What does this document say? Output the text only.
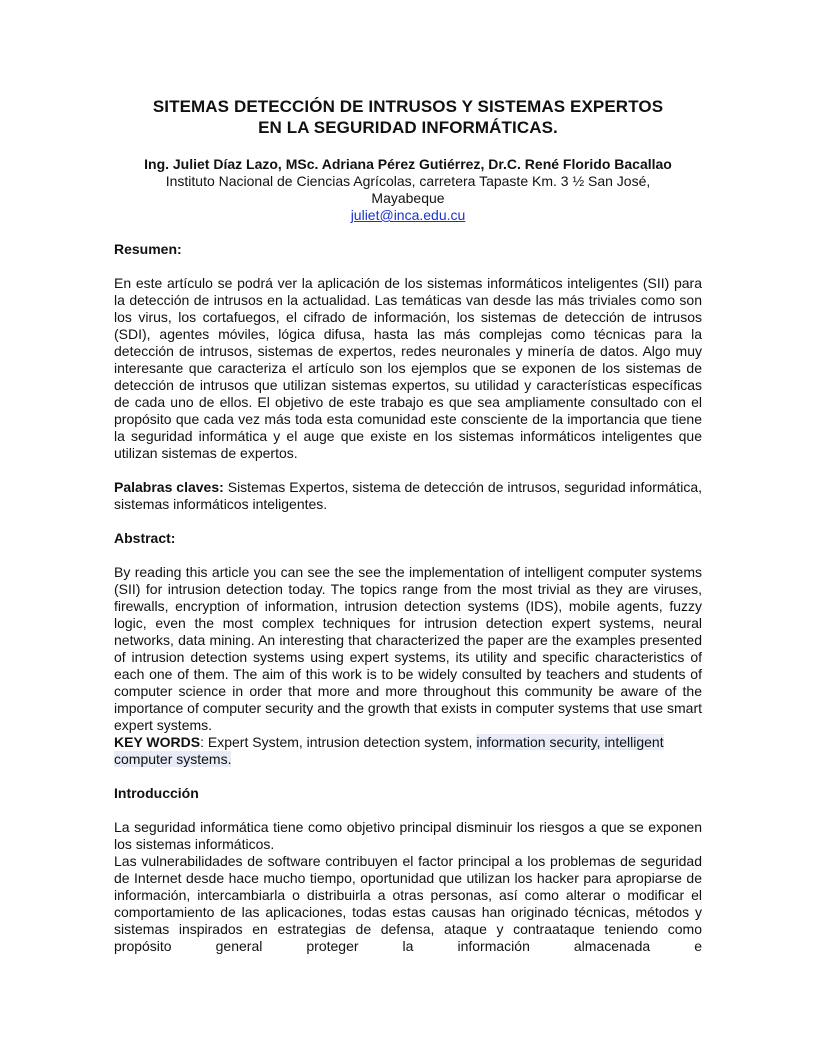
SITEMAS DETECCIÓN DE INTRUSOS Y SISTEMAS EXPERTOS
EN LA SEGURIDAD INFORMÁTICAS.

Ing. Juliet Díaz Lazo, MSc. Adriana Pérez Gutiérrez, Dr.C. René Florido Bacallao

Instituto Nacional de Ciencias Agrícolas, carretera Tapaste Km. 3 ½ San José,
Mayabeque

juliet@inca.edu.cu

Resumen:

En este artículo se podrá ver la aplicación de los sistemas informáticos inteligentes (SII) para la detección de intrusos en la actualidad. Las temáticas van desde las más triviales como son los virus, los cortafuegos, el cifrado de información, los sistemas de detección de intrusos (SDI), agentes móviles, lógica difusa, hasta las más complejas como técnicas para la detección de intrusos, sistemas de expertos, redes neuronales y minería de datos. Algo muy interesante que caracteriza el artículo son los ejemplos que se exponen de los sistemas de detección de intrusos que utilizan sistemas expertos, su utilidad y características específicas de cada uno de ellos. El objetivo de este trabajo es que sea ampliamente consultado con el propósito que cada vez más toda esta comunidad este consciente de la importancia que tiene la seguridad informática y el auge que existe en los sistemas informáticos inteligentes que utilizan sistemas de expertos.

Palabras claves: Sistemas Expertos, sistema de detección de intrusos, seguridad informática, sistemas informáticos inteligentes.

Abstract:

By reading this article you can see the see the implementation of intelligent computer systems (SII) for intrusion detection today. The topics range from the most trivial as they are viruses, firewalls, encryption of information, intrusion detection systems (IDS), mobile agents, fuzzy logic, even the most complex techniques for intrusion detection expert systems, neural networks, data mining. An interesting that characterized the paper are the examples presented of intrusion detection systems using expert systems, its utility and specific characteristics of each one of them. The aim of this work is to be widely consulted by teachers and students of computer science in order that more and more throughout this community be aware of the importance of computer security and the growth that exists in computer systems that use smart expert systems.

KEY WORDS: Expert System, intrusion detection system, information security, intelligent computer systems.

Introducción

La seguridad informática tiene como objetivo principal disminuir los riesgos a que se exponen los sistemas informáticos.

Las vulnerabilidades de software contribuyen el factor principal a los problemas de seguridad de Internet desde hace mucho tiempo, oportunidad que utilizan los hacker para apropiarse de información, intercambiarla o distribuirla a otras personas, así como alterar o modificar el comportamiento de las aplicaciones, todas estas causas han originado técnicas, métodos y sistemas inspirados en estrategias de defensa, ataque y contraataque teniendo como propósito general proteger la información almacenada e
